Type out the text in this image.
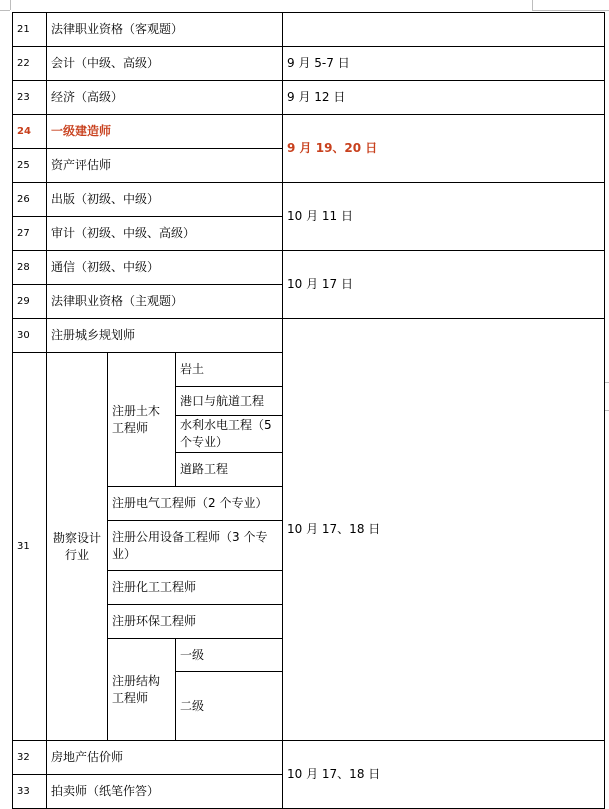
21	法律职业资格（客观题）				
22	会计（中级、高级）			9 月 5-7 日	
23	经济（高级）			9 月 12 日	
24	一级建造师			9 月 19、20 日	
25	资产评估师				
26	出版（初级、中级）			10 月 11 日	
27	审计（初级、中级、高级）				
28	通信（初级、中级）			10 月 17 日	
29	法律职业资格（主观题）				
30	注册城乡规划师			10 月 17、18 日	
31	勘察设计行业	注册土木工程师	岩土		
			港口与航道工程		
			水利水电工程（5 个专业）		
			道路工程		
		注册电气工程师（2 个专业）			
		注册公用设备工程师（3 个专业）			
		注册化工工程师			
		注册环保工程师			
		注册结构工程师	一级		
			二级	

32	房地产估价师			10 月 17、18 日	
33	拍卖师（纸笔作答）				
